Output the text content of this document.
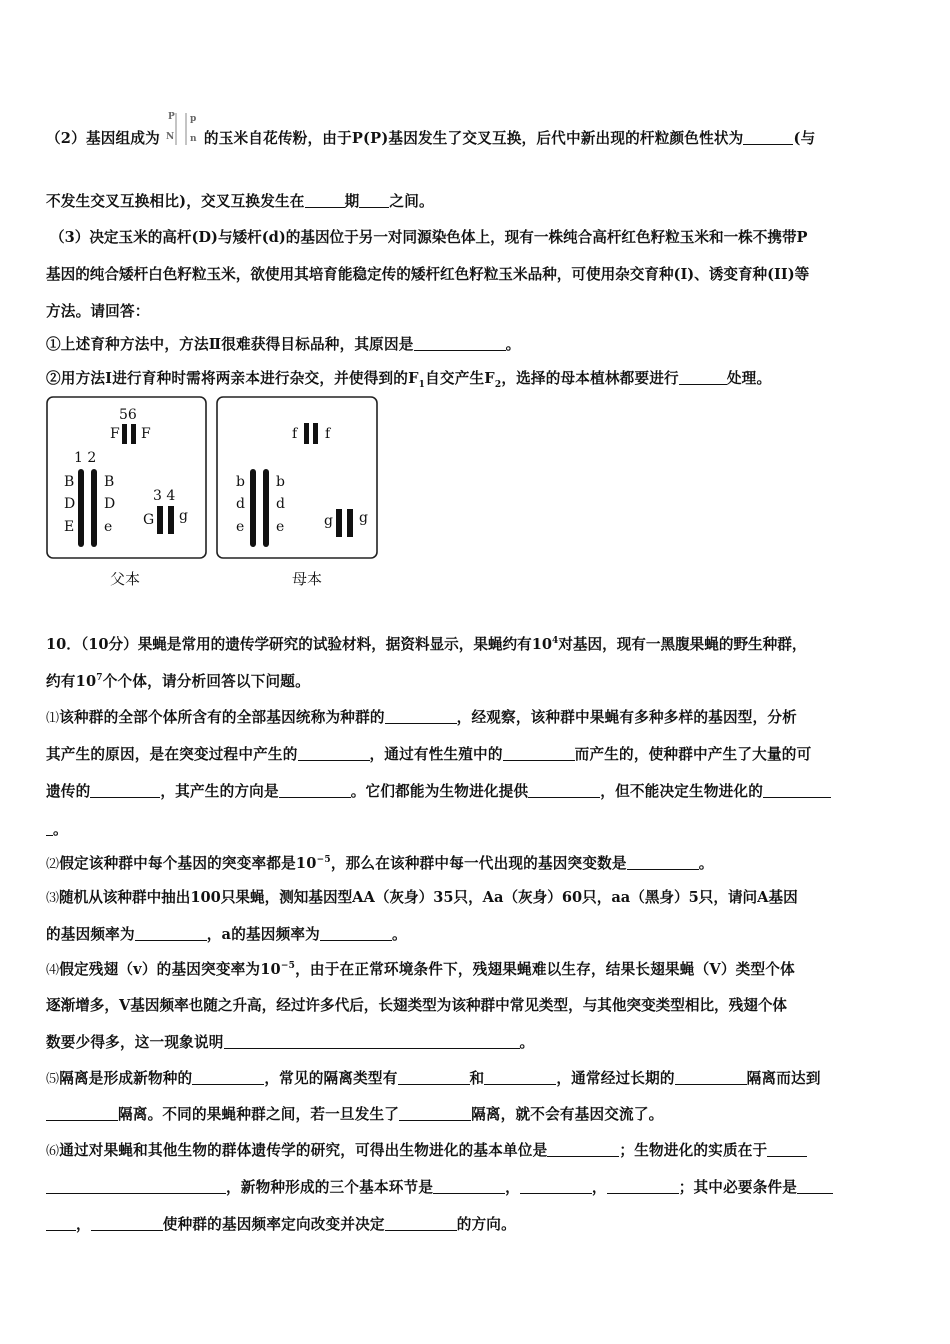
（2）基因组成为
P
N
p
n 的玉米自花传粉，由于P(P)基因发生了交叉互换，后代中新出现的杆粒颜色性状为	(与
不发生交叉互换相比)，交叉互换发生在	期 之间。
（3）决定玉米的高杆(D)与矮杆(d)的基因位于另一对同源染色体上，现有一株纯合高杆红色籽粒玉米和一株不携带P
基因的纯合矮杆白色籽粒玉米，欲使用其培育能稳定传的矮杆红色籽粒玉米品种，可使用杂交育种(I)、诱变育种(II)等
方法。请回答：
①上述育种方法中，方法Ⅱ很难获得目标品种，其原因是	。
②用方法I进行育种时需将两亲本进行杂交，并使得到的$F_1$自交产生$F_2$，选择的母本植林都要进行	处理。
56
F F
1 2
B
D
E
B
D
e
3 4
G g
f f
b
d
e
b
d
e	g g
父本	母本
10．（10分）果蝇是常用的遗传学研究的试验材料，据资料显示，果蝇约有$10^4$对基因，现有一黑腹果蝇的野生种群，
约有$10^7$个个体，请分析回答以下问题。
⑴该种群的全部个体所含有的全部基因统称为种群的	，经观察，该种群中果蝇有多种多样的基因型，分析
其产生的原因，是在突变过程中产生的	，通过有性生殖中的	而产生的，使种群中产生了大量的可
遗传的	，其产生的方向是	。它们都能为生物进化提供	，但不能决定生物进化的
。
⑵假定该种群中每个基因的突变率都是$10^{-5}$，那么在该种群中每一代出现的基因突变数是	。
⑶随机从该种群中抽出100只果蝇，测知基因型AA（灰身）35只，Aa（灰身）60只，aa（黑身）5只，请问A基因
的基因频率为	，a的基因频率为	。
⑷假定残翅（v）的基因突变率为$10^{-5}$，由于在正常环境条件下，残翅果蝇难以生存，结果长翅果蝇（V）类型个体
逐渐增多，V基因频率也随之升高，经过许多代后，长翅类型为该种群中常见类型，与其他突变类型相比，残翅个体
数要少得多，这一现象说明	。
⑸隔离是形成新物种的	，常见的隔离类型有	和	，通常经过长期的	隔离而达到
隔离。不同的果蝇种群之间，若一旦发生了	隔离，就不会有基因交流了。
⑹通过对果蝇和其他生物的群体遗传学的研究，可得出生物进化的基本单位是	；生物进化的实质在于
，新物种形成的三个基本环节是	，	，	；其中必要条件是
，	使种群的基因频率定向改变并决定	的方向。
